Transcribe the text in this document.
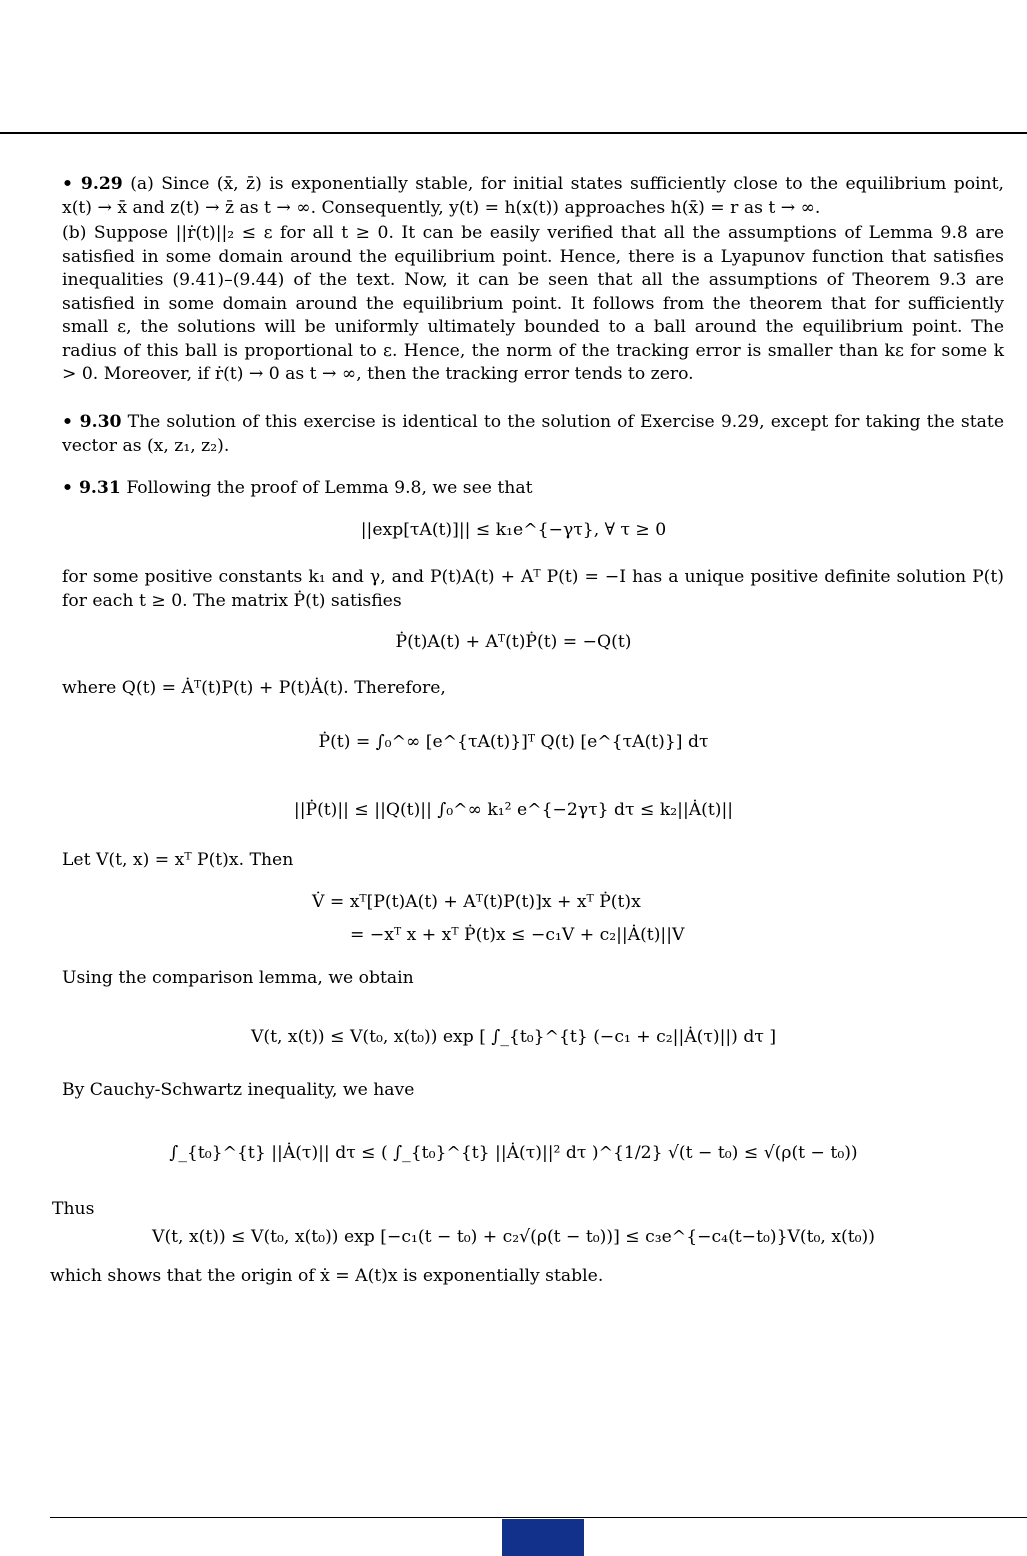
• 9.29 (a) Since (x̄, z̄) is exponentially stable, for initial states sufficiently close to the equilibrium point, x(t) → x̄ and z(t) → z̄ as t → ∞. Consequently, y(t) = h(x(t)) approaches h(x̄) = r as t → ∞.
(b) Suppose ||ṙ(t)||₂ ≤ ε for all t ≥ 0. It can be easily verified that all the assumptions of Lemma 9.8 are satisfied in some domain around the equilibrium point. Hence, there is a Lyapunov function that satisfies inequalities (9.41)–(9.44) of the text. Now, it can be seen that all the assumptions of Theorem 9.3 are satisfied in some domain around the equilibrium point. It follows from the theorem that for sufficiently small ε, the solutions will be uniformly ultimately bounded to a ball around the equilibrium point. The radius of this ball is proportional to ε. Hence, the norm of the tracking error is smaller than kε for some k > 0. Moreover, if ṙ(t) → 0 as t → ∞, then the tracking error tends to zero.
• 9.30 The solution of this exercise is identical to the solution of Exercise 9.29, except for taking the state vector as (x, z₁, z₂).
• 9.31 Following the proof of Lemma 9.8, we see that
||exp[τA(t)]|| ≤ k₁e^{−γτ}, ∀ τ ≥ 0
for some positive constants k₁ and γ, and P(t)A(t) + Aᵀ P(t) = −I has a unique positive definite solution P(t) for each t ≥ 0. The matrix Ṗ(t) satisfies
Ṗ(t)A(t) + Aᵀ(t)Ṗ(t) = −Q(t)
where Q(t) = Ȧᵀ(t)P(t) + P(t)Ȧ(t). Therefore,
Ṗ(t) = ∫₀^∞ [e^{τA(t)}]ᵀ Q(t) [e^{τA(t)}] dτ
||Ṗ(t)|| ≤ ||Q(t)|| ∫₀^∞ k₁² e^{−2γτ} dτ ≤ k₂||Ȧ(t)||
Let V(t, x) = xᵀ P(t)x. Then
V̇ = xᵀ[P(t)A(t) + Aᵀ(t)P(t)]x + xᵀ Ṗ(t)x
= −xᵀ x + xᵀ Ṗ(t)x ≤ −c₁V + c₂||Ȧ(t)||V
Using the comparison lemma, we obtain
V(t, x(t)) ≤ V(t₀, x(t₀)) exp [ ∫_{t₀}^{t} (−c₁ + c₂||Ȧ(τ)||) dτ ]
By Cauchy-Schwartz inequality, we have
∫_{t₀}^{t} ||Ȧ(τ)|| dτ ≤ ( ∫_{t₀}^{t} ||Ȧ(τ)||² dτ )^{1/2} √(t − t₀) ≤ √(ρ(t − t₀))
Thus
V(t, x(t)) ≤ V(t₀, x(t₀)) exp [−c₁(t − t₀) + c₂√(ρ(t − t₀))] ≤ c₃e^{−c₄(t−t₀)}V(t₀, x(t₀))
which shows that the origin of ẋ = A(t)x is exponentially stable.
